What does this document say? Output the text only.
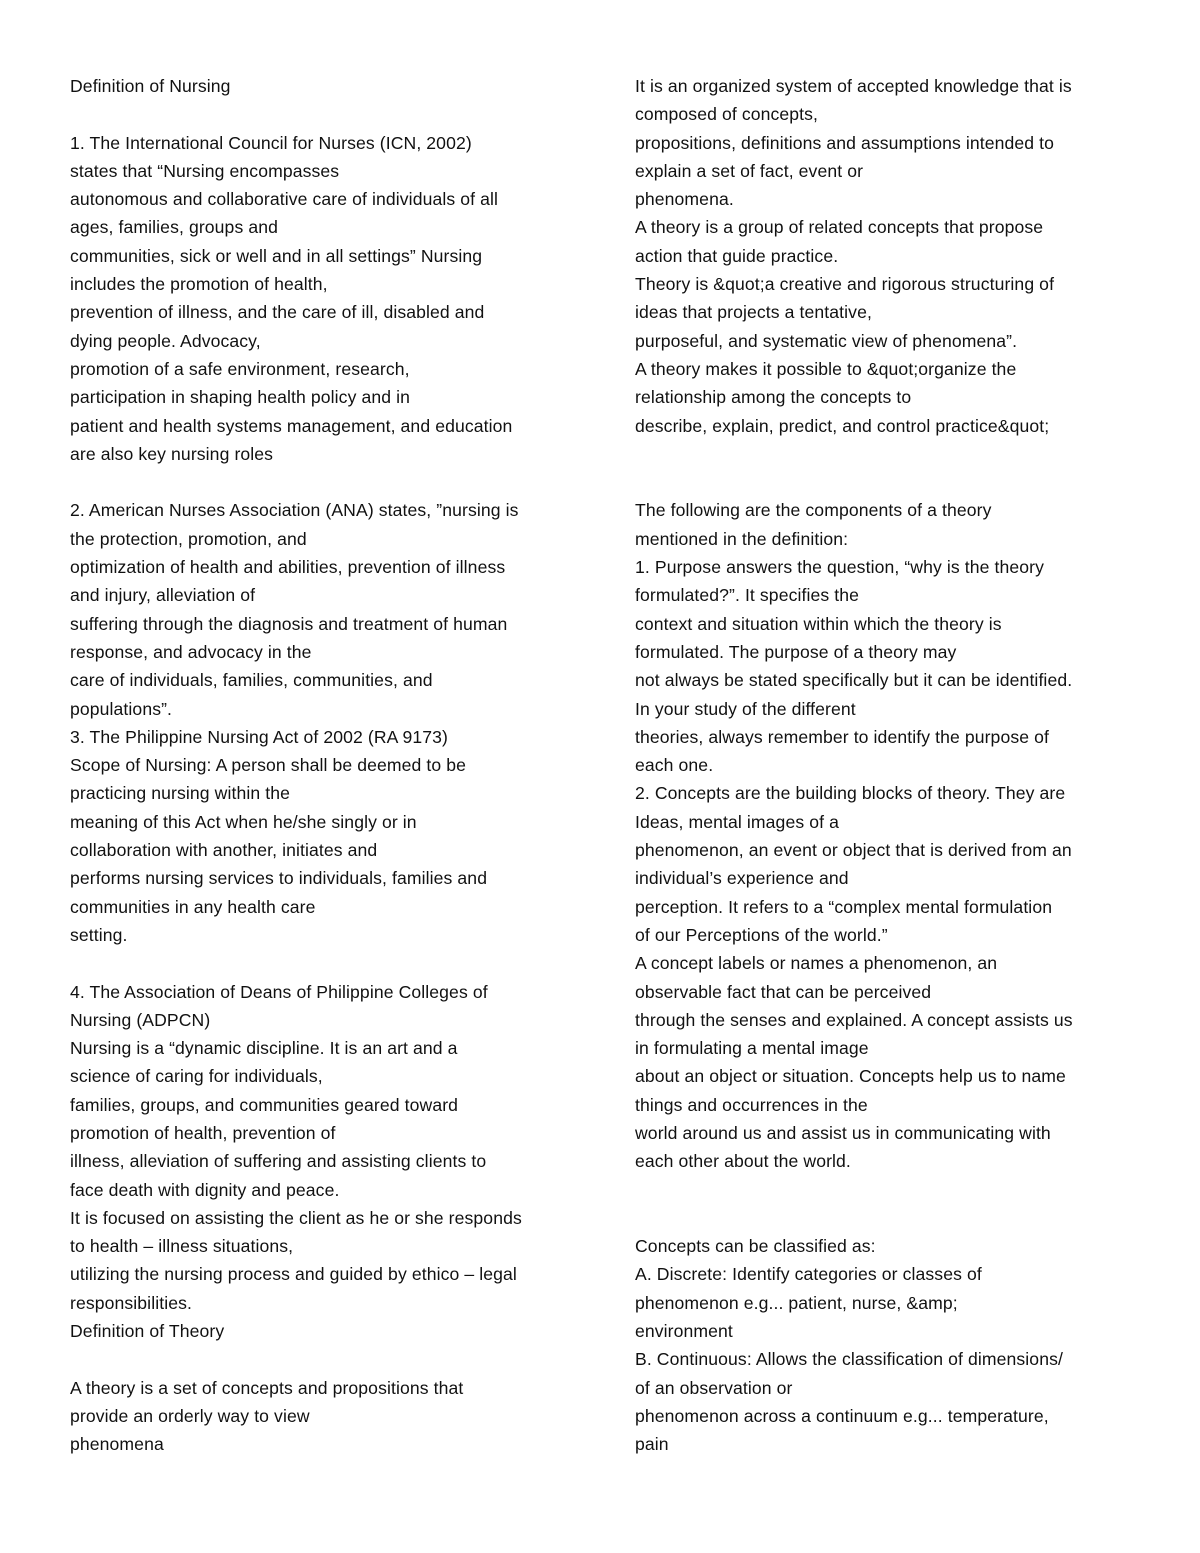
Definition of Nursing
1. The International Council for Nurses (ICN, 2002)
states that “Nursing encompasses
autonomous and collaborative care of individuals of all
ages, families, groups and
communities, sick or well and in all settings” Nursing
includes the promotion of health,
prevention of illness, and the care of ill, disabled and
dying people. Advocacy,
promotion of a safe environment, research,
participation in shaping health policy and in
patient and health systems management, and education
are also key nursing roles
2. American Nurses Association (ANA) states, ”nursing is
the protection, promotion, and
optimization of health and abilities, prevention of illness
and injury, alleviation of
suffering through the diagnosis and treatment of human
response, and advocacy in the
care of individuals, families, communities, and
populations”.
3. The Philippine Nursing Act of 2002 (RA 9173)
Scope of Nursing: A person shall be deemed to be
practicing nursing within the
meaning of this Act when he/she singly or in
collaboration with another, initiates and
performs nursing services to individuals, families and
communities in any health care
setting.
4. The Association of Deans of Philippine Colleges of
Nursing (ADPCN)
Nursing is a “dynamic discipline. It is an art and a
science of caring for individuals,
families, groups, and communities geared toward
promotion of health, prevention of
illness, alleviation of suffering and assisting clients to
face death with dignity and peace.
It is focused on assisting the client as he or she responds
to health – illness situations,
utilizing the nursing process and guided by ethico – legal
responsibilities.
Definition of Theory
A theory is a set of concepts and propositions that
provide an orderly way to view
phenomena
It is an organized system of accepted knowledge that is
composed of concepts,
propositions, definitions and assumptions intended to
explain a set of fact, event or
phenomena.
A theory is a group of related concepts that propose
action that guide practice.
Theory is &quot;a creative and rigorous structuring of
ideas that projects a tentative,
purposeful, and systematic view of phenomena”.
A theory makes it possible to &quot;organize the
relationship among the concepts to
describe, explain, predict, and control practice&quot;
The following are the components of a theory
mentioned in the definition:
1. Purpose answers the question, “why is the theory
formulated?”. It specifies the
context and situation within which the theory is
formulated. The purpose of a theory may
not always be stated specifically but it can be identified.
In your study of the different
theories, always remember to identify the purpose of
each one.
2. Concepts are the building blocks of theory. They are
Ideas, mental images of a
phenomenon, an event or object that is derived from an
individual’s experience and
perception. It refers to a “complex mental formulation
of our Perceptions of the world.”
A concept labels or names a phenomenon, an
observable fact that can be perceived
through the senses and explained. A concept assists us
in formulating a mental image
about an object or situation. Concepts help us to name
things and occurrences in the
world around us and assist us in communicating with
each other about the world.
Concepts can be classified as:
A. Discrete: Identify categories or classes of
phenomenon e.g... patient, nurse, &amp;
environment
B. Continuous: Allows the classification of dimensions/
of an observation or
phenomenon across a continuum e.g... temperature,
pain
